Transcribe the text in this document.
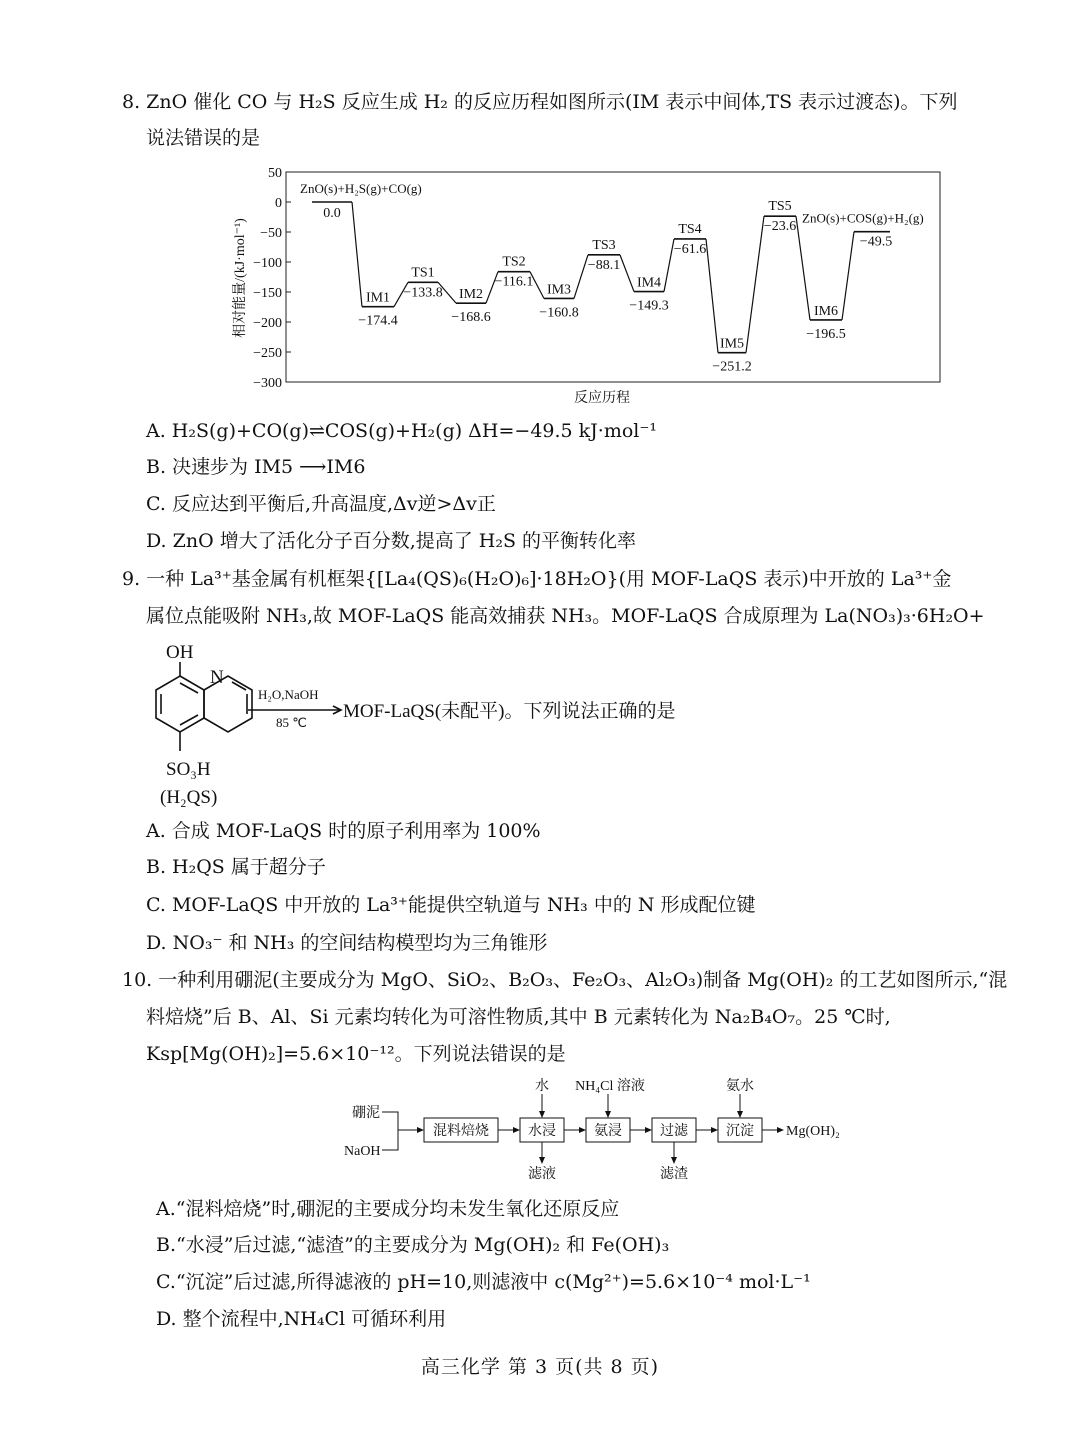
8. ZnO 催化 CO 与 H₂S 反应生成 H₂ 的反应历程如图所示(IM 表示中间体,TS 表示过渡态)。下列
说法错误的是
50
0
−50
−100
−150
−200
−250
−300
ZnO(s)+H₂S(g)+CO(g)
0.0
IM1
−174.4
TS1
−133.8 IM2
−168.6
TS2
−116.1
IM3
−160.8
TS3
−88.1
IM4
−149.3
TS4
−61.6
IM5
−251.2
TS5
−23.6
IM6
−196.5
ZnO(s)+COS(g)+H₂(g)
−49.5
相对能量/(kJ·mol⁻¹)
反应历程
A. H₂S(g)+CO(g)⇌COS(g)+H₂(g) ΔH=−49.5 kJ·mol⁻¹
B. 决速步为 IM5 ⟶IM6
C. 反应达到平衡后,升高温度,Δv逆>Δv正
D. ZnO 增大了活化分子百分数,提高了 H₂S 的平衡转化率
9. 一种 La³⁺基金属有机框架{[La₄(QS)₆(H₂O)₆]·18H₂O}(用 MOF-LaQS 表示)中开放的 La³⁺金
属位点能吸附 NH₃,故 MOF-LaQS 能高效捕获 NH₃。MOF-LaQS 合成原理为 La(NO₃)₃·6H₂O+
OH
N
SO₃H
(H₂QS)
H₂O,NaOH
85 ℃
MOF-LaQS(未配平)。下列说法正确的是
A. 合成 MOF-LaQS 时的原子利用率为 100%
B. H₂QS 属于超分子
C. MOF-LaQS 中开放的 La³⁺能提供空轨道与 NH₃ 中的 N 形成配位键
D. NO₃⁻ 和 NH₃ 的空间结构模型均为三角锥形
10. 一种利用硼泥(主要成分为 MgO、SiO₂、B₂O₃、Fe₂O₃、Al₂O₃)制备 Mg(OH)₂ 的工艺如图所示,“混
料焙烧”后 B、Al、Si 元素均转化为可溶性物质,其中 B 元素转化为 Na₂B₄O₇。25 ℃时,
Ksp[Mg(OH)₂]=5.6×10⁻¹²。下列说法错误的是
硼泥
NaOH
混料焙烧	水浸	氨浸	过滤	沉淀 Mg(OH)₂
水 NH₄Cl 溶液	氨水
滤液	滤渣
A.“混料焙烧”时,硼泥的主要成分均未发生氧化还原反应
B.“水浸”后过滤,“滤渣”的主要成分为 Mg(OH)₂ 和 Fe(OH)₃
C.“沉淀”后过滤,所得滤液的 pH=10,则滤液中 c(Mg²⁺)=5.6×10⁻⁴ mol·L⁻¹
D. 整个流程中,NH₄Cl 可循环利用
高三化学 第 3 页(共 8 页)
